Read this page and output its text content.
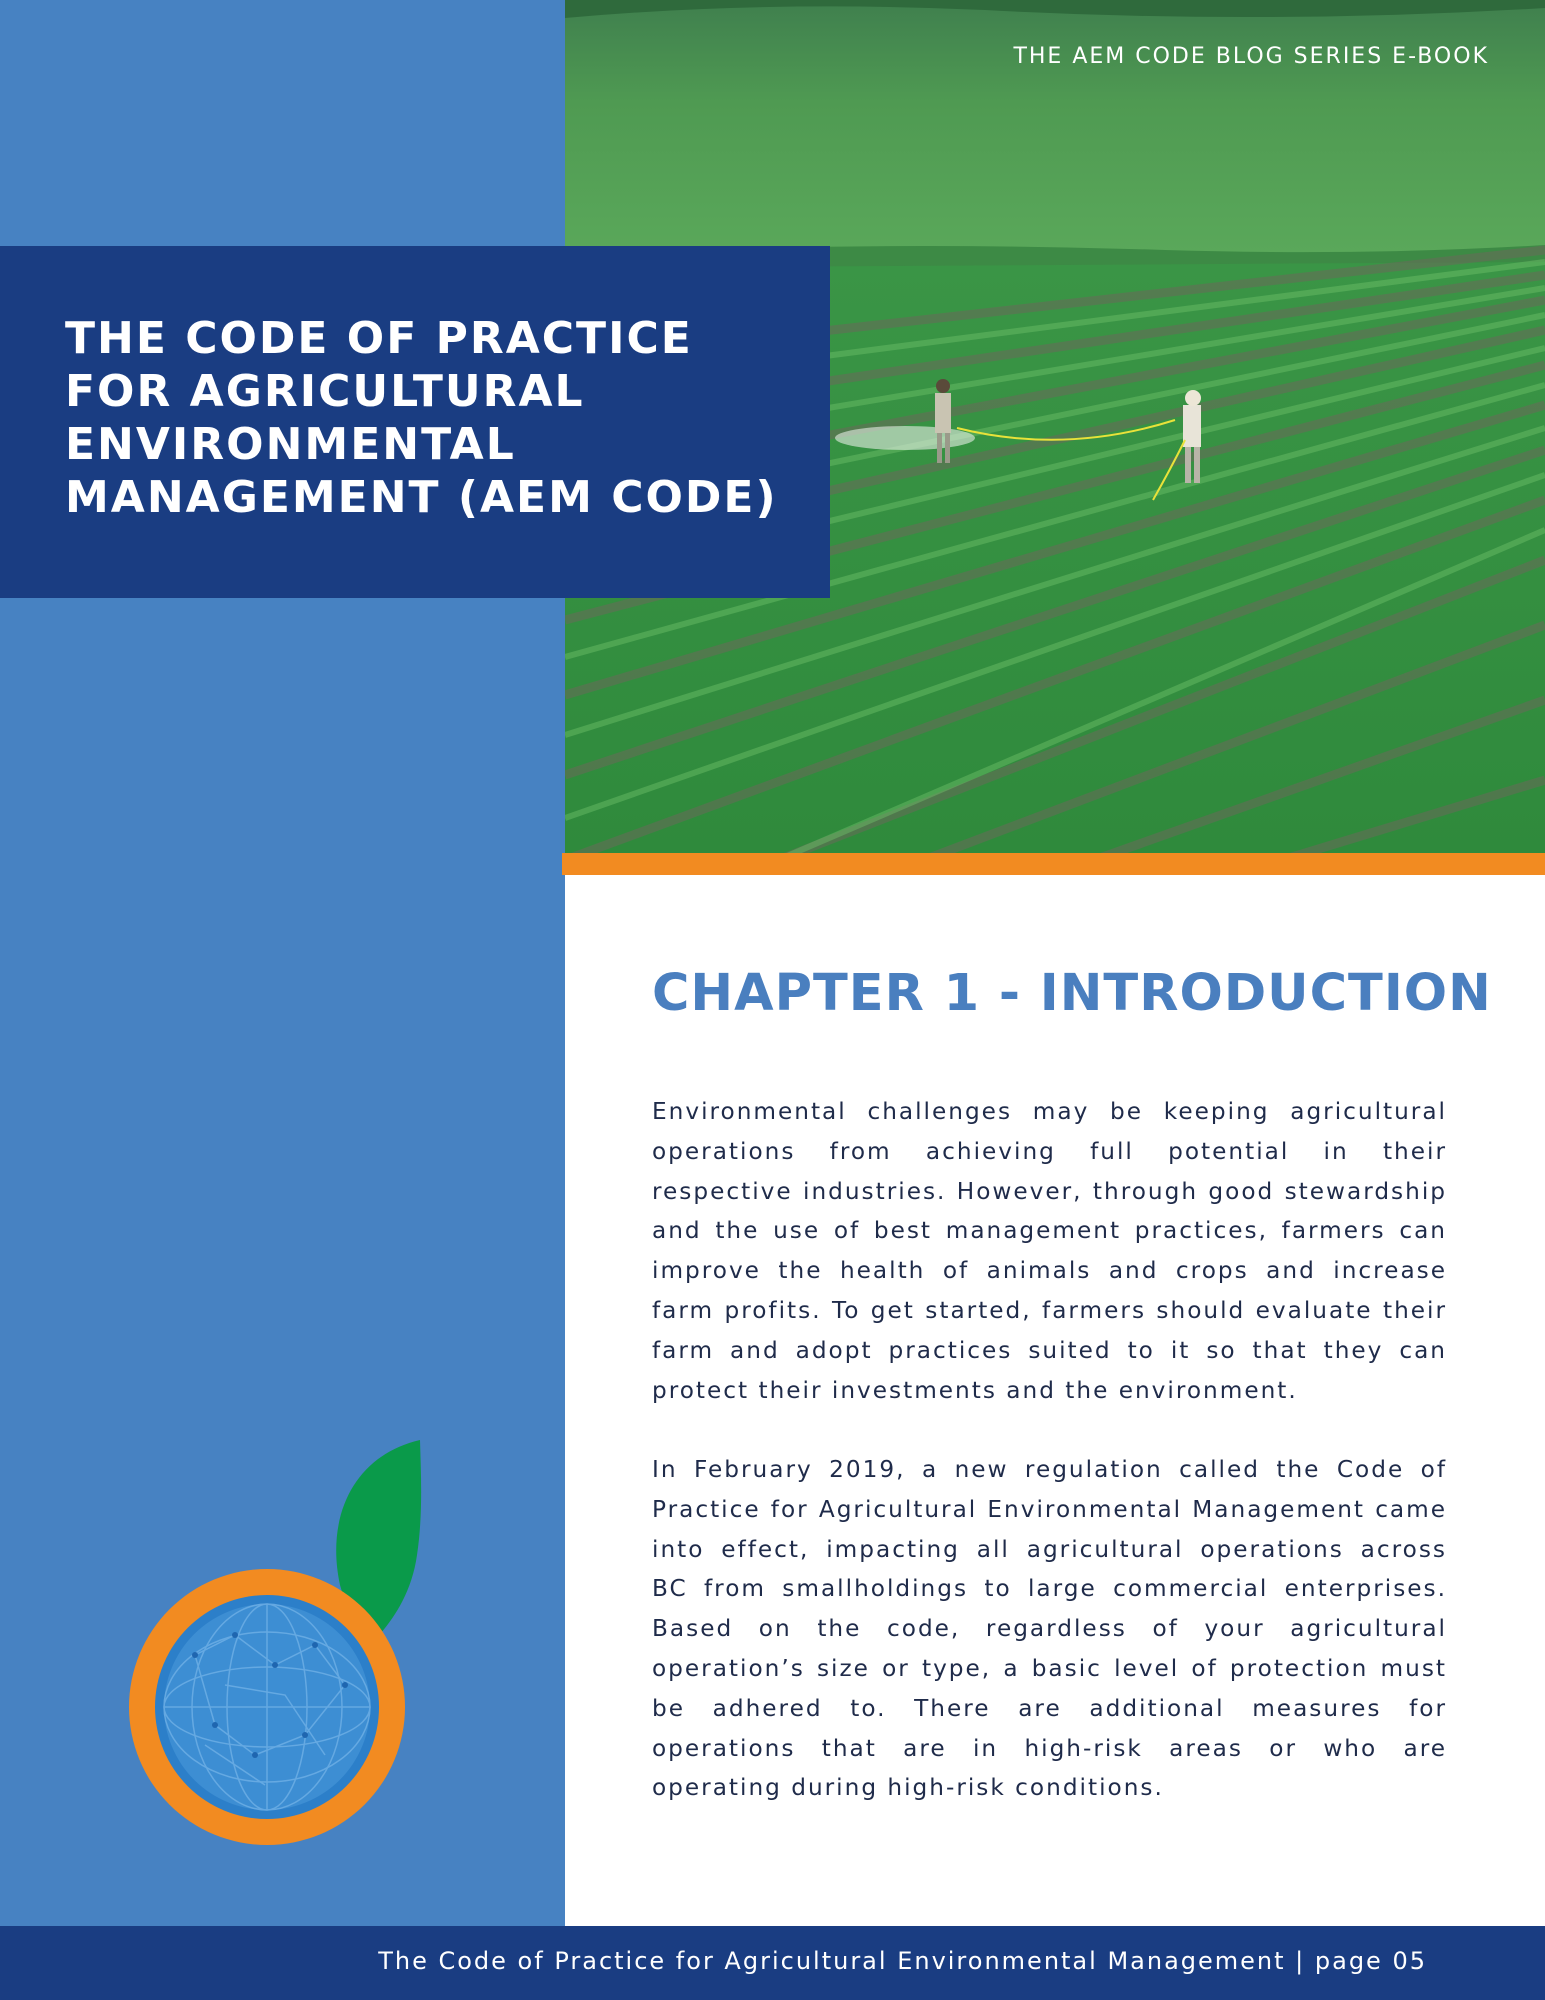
THE AEM CODE BLOG SERIES E-BOOK
THE CODE OF PRACTICE
FOR AGRICULTURAL
ENVIRONMENTAL
MANAGEMENT (AEM CODE)
CHAPTER 1 - INTRODUCTION

Environmental challenges may be keeping agricultural operations from achieving full potential in their respective industries. However, through good stewardship and the use of best management practices, farmers can improve the health of animals and crops and increase farm profits. To get started, farmers should evaluate their farm and adopt practices suited to it so that they can protect their investments and the environment.

In February 2019, a new regulation called the Code of Practice for Agricultural Environmental Management came into effect, impacting all agricultural operations across BC from smallholdings to large commercial enterprises. Based on the code, regardless of your agricultural operation’s size or type, a basic level of protection must be adhered to. There are additional measures for operations that are in high-risk areas or who are operating during high-risk conditions.

The Code of Practice for Agricultural Environmental Management | page 05
